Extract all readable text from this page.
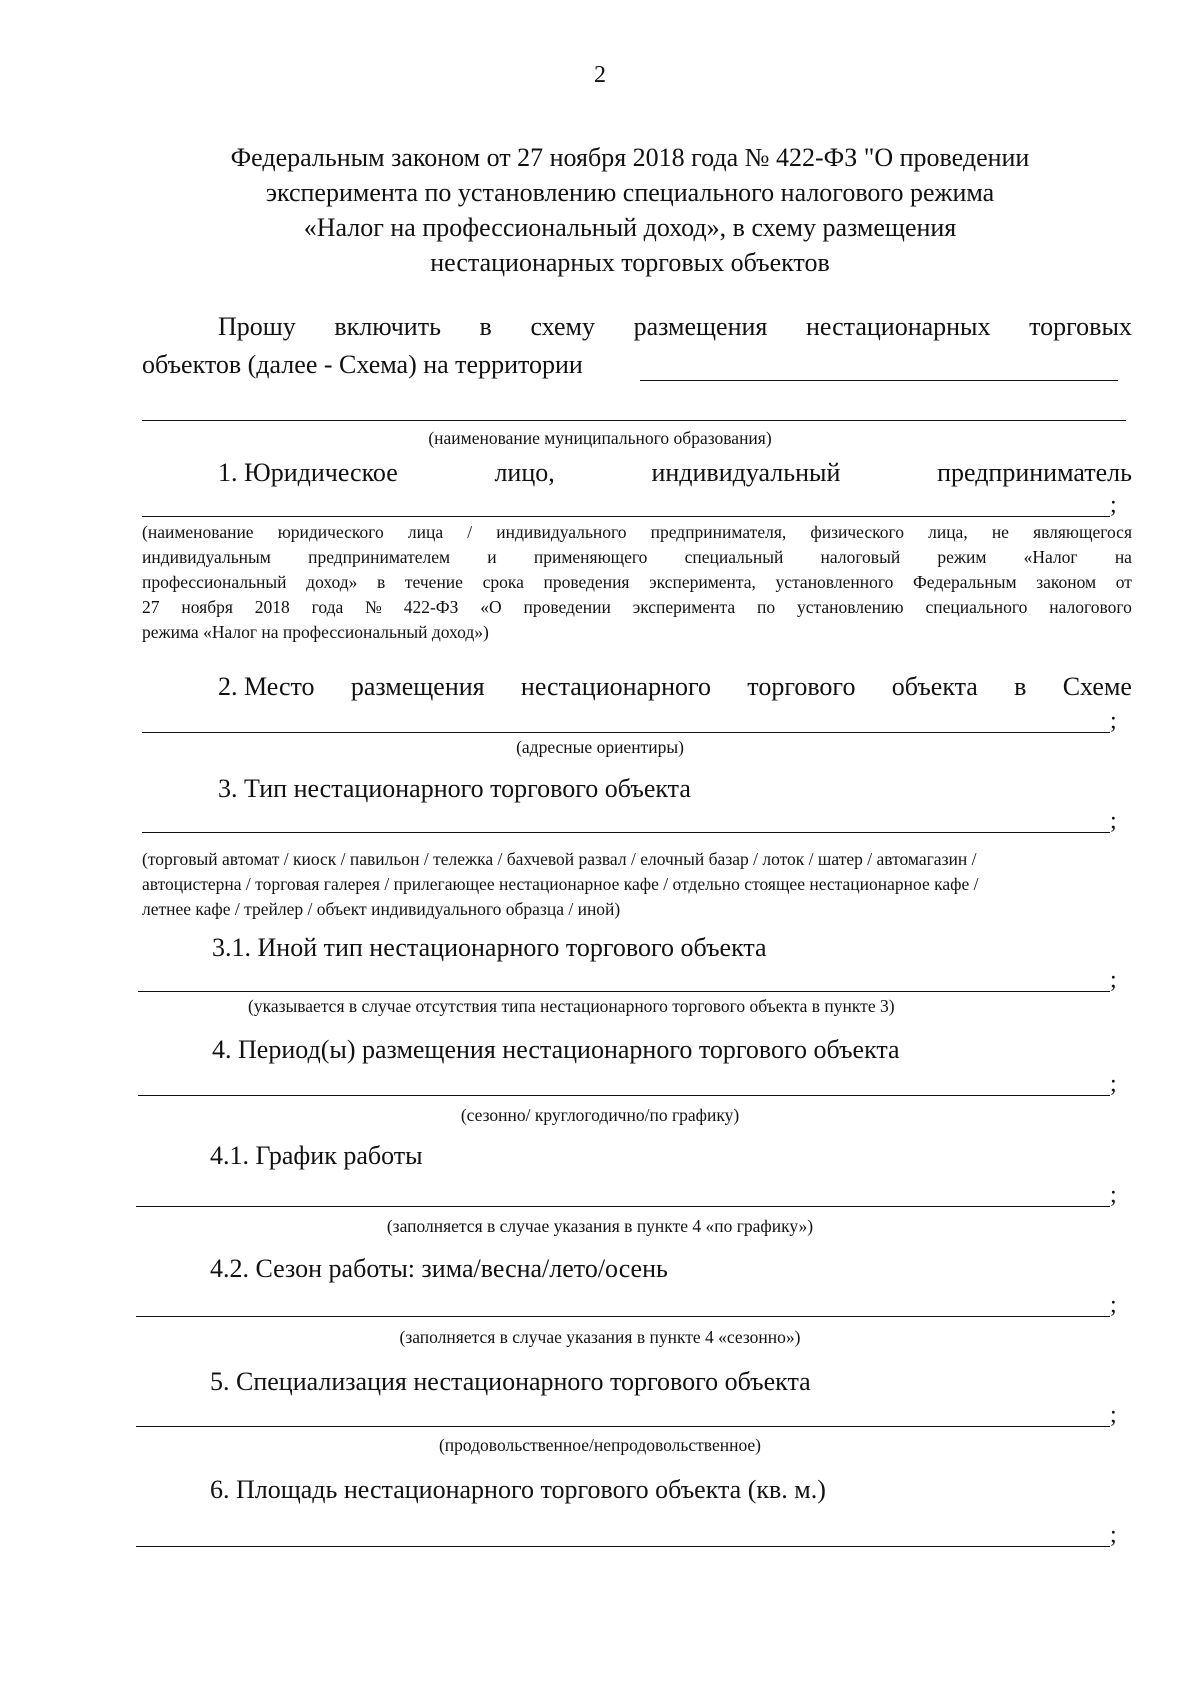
2
Федеральным законом от 27 ноября 2018 года № 422-ФЗ "О проведении
эксперимента по установлению специального налогового режима
«Налог на профессиональный доход», в схему размещения
нестационарных торговых объектов
Прошу включить в схему размещения нестационарных торговых
объектов (далее - Схема) на территории
(наименование муниципального образования)
1. Юридическое	лицо,	индивидуальный	предприниматель
;
(наименование юридического лица / индивидуального предпринимателя, физического лица, не являющегося
индивидуальным предпринимателем и применяющего специальный налоговый режим «Налог на
профессиональный доход» в течение срока проведения эксперимента, установленного Федеральным законом от
27 ноября 2018 года № 422-ФЗ «О проведении эксперимента по установлению специального налогового
режима «Налог на профессиональный доход»)
2. Место размещения нестационарного торгового объекта в Схеме
;
(адресные ориентиры)
3. Тип нестационарного торгового объекта
;
(торговый автомат / киоск / павильон / тележка / бахчевой развал / елочный базар / лоток / шатер / автомагазин /
автоцистерна / торговая галерея / прилегающее нестационарное кафе / отдельно стоящее нестационарное кафе /
летнее кафе / трейлер / объект индивидуального образца / иной)
3.1. Иной тип нестационарного торгового объекта
;
(указывается в случае отсутствия типа нестационарного торгового объекта в пункте 3)
4. Период(ы) размещения нестационарного торгового объекта
;
(сезонно/ круглогодично/по графику)
4.1. График работы
;
(заполняется в случае указания в пункте 4 «по графику»)
4.2. Сезон работы: зима/весна/лето/осень
;
(заполняется в случае указания в пункте 4 «сезонно»)
5. Специализация нестационарного торгового объекта
;
(продовольственное/непродовольственное)
6. Площадь нестационарного торгового объекта (кв. м.)
;
